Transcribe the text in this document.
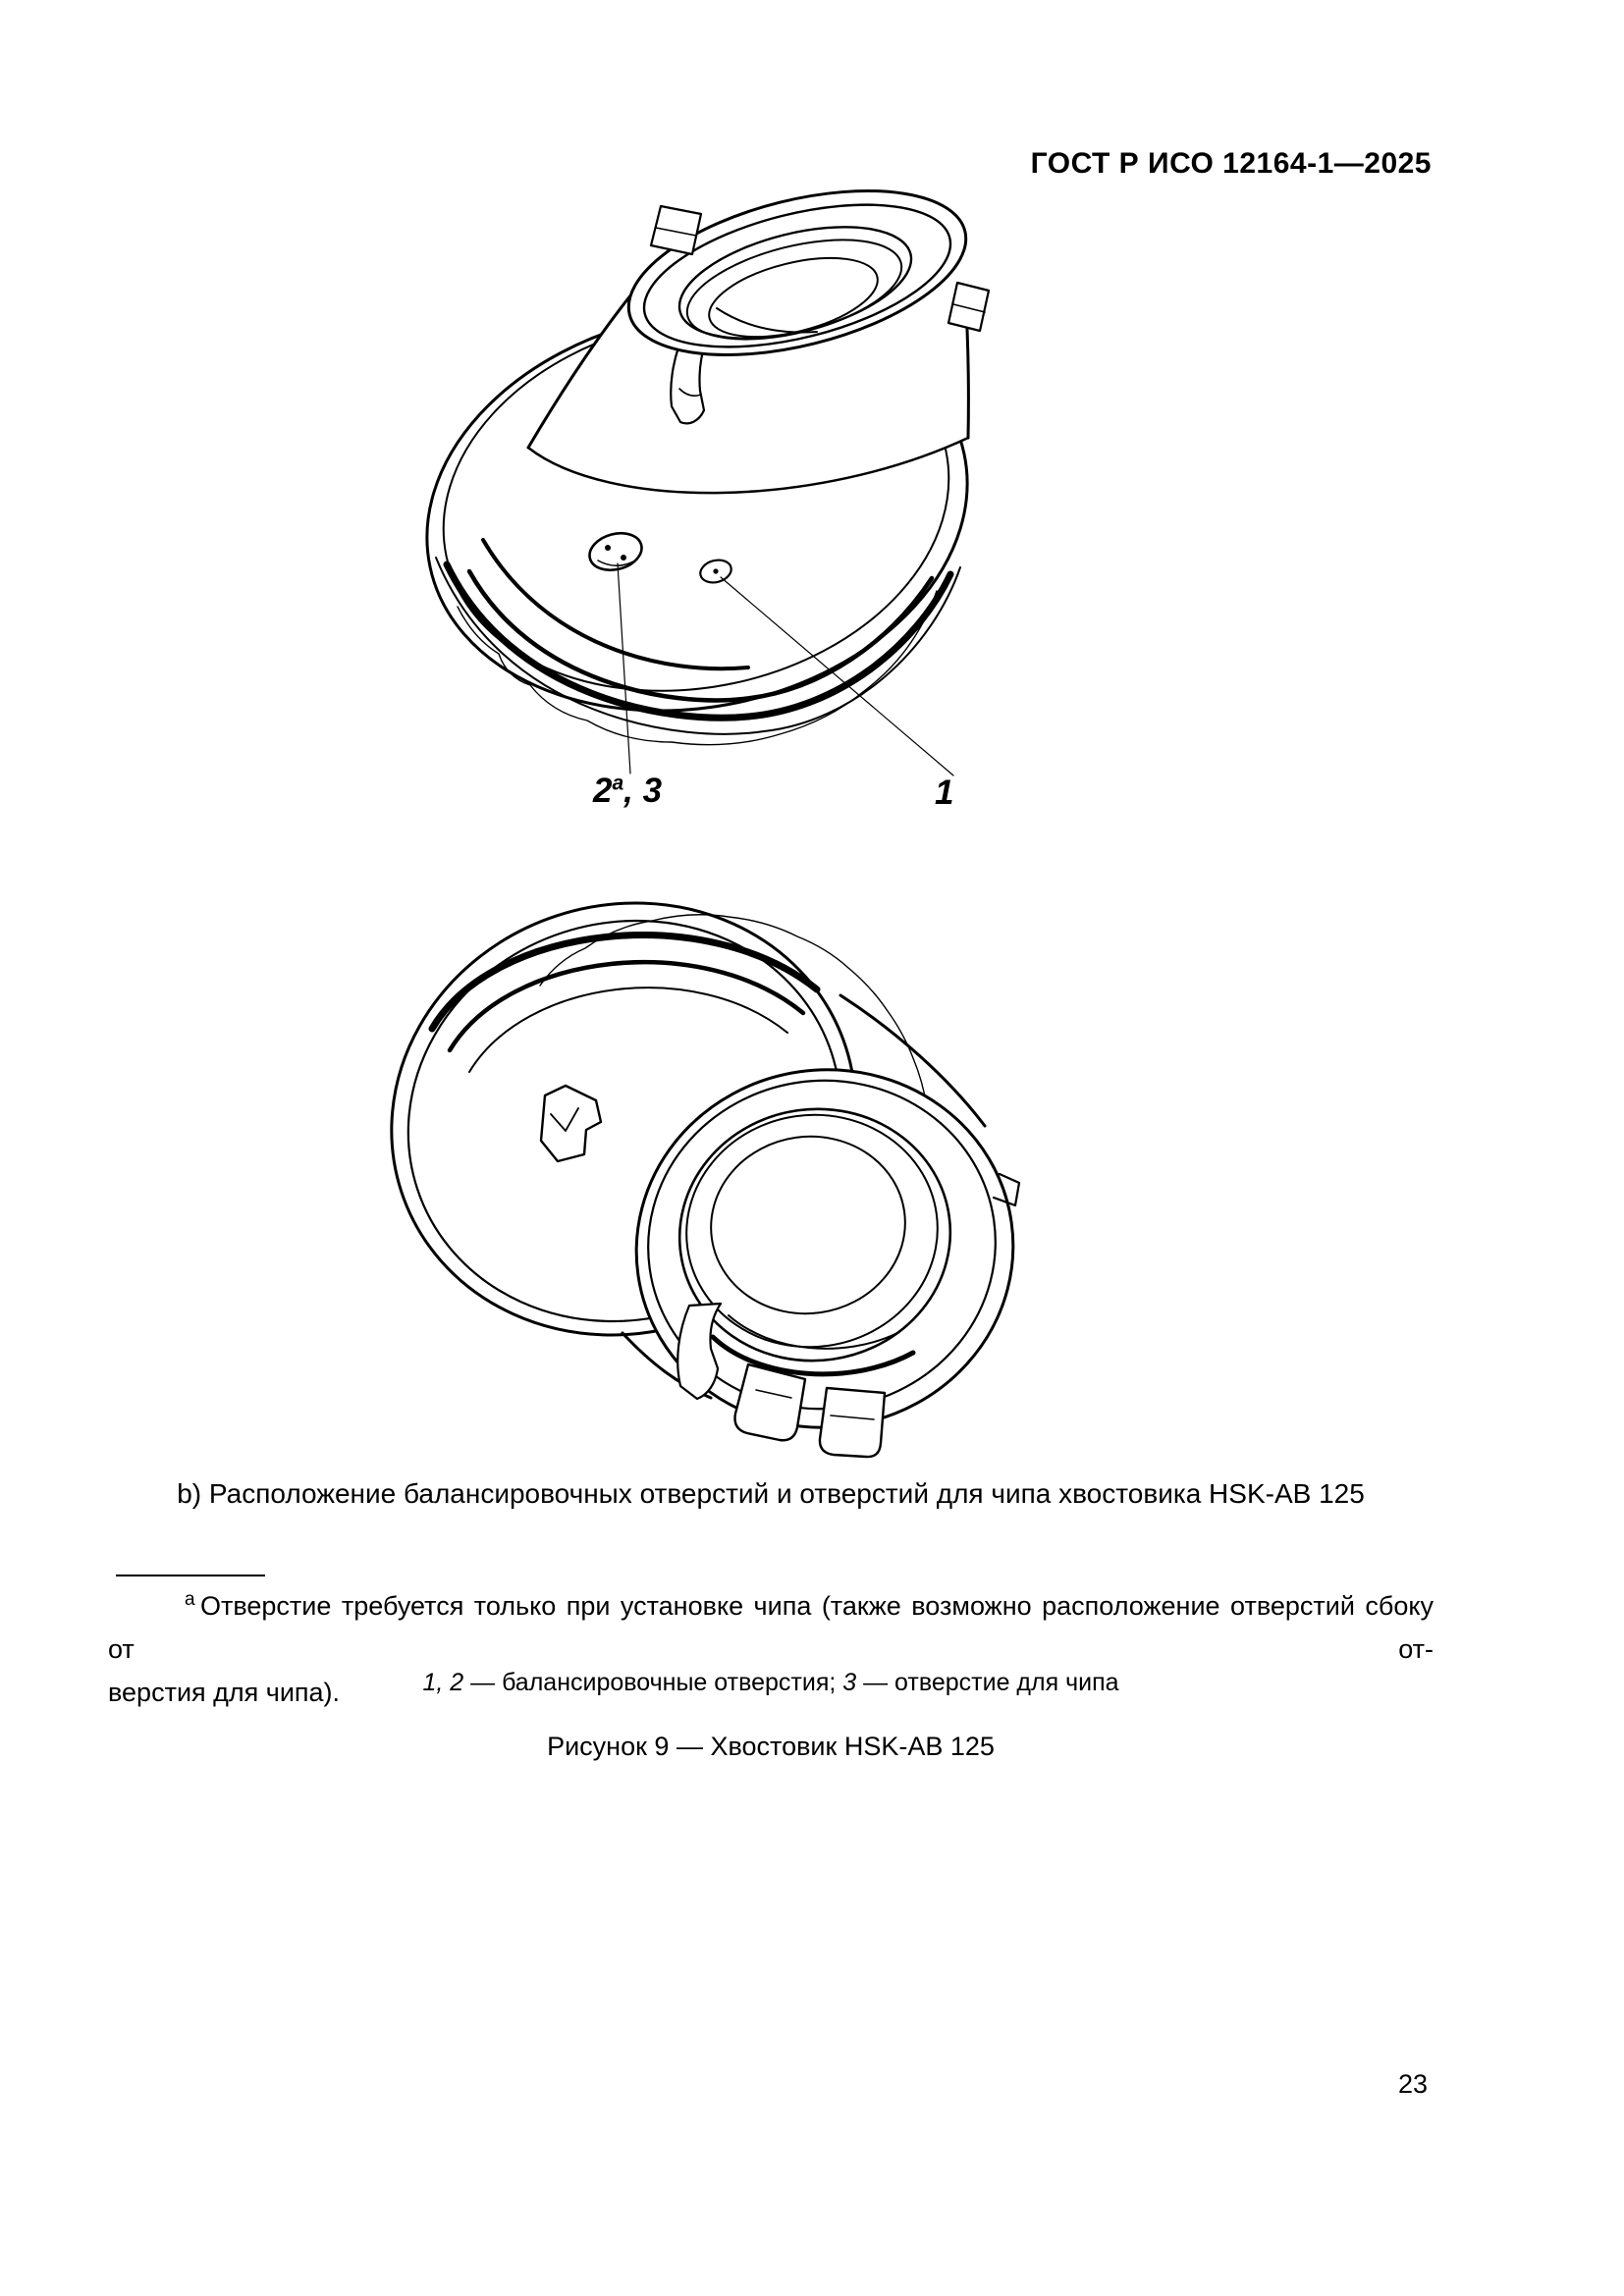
ГОСТ Р ИСО 12164-1—2025
2$^a$, 3	1
b) Расположение балансировочных отверстий и отверстий для чипа хвостовика HSK-AB 125
$^a$  Отверстие требуется только при установке чипа (также возможно расположение отверстий сбоку от от-
верстия для чипа).	1, 2 — балансировочные отверстия; 3 — отверстие для чипа
Рисунок 9 — Хвостовик HSK-AB 125
23
